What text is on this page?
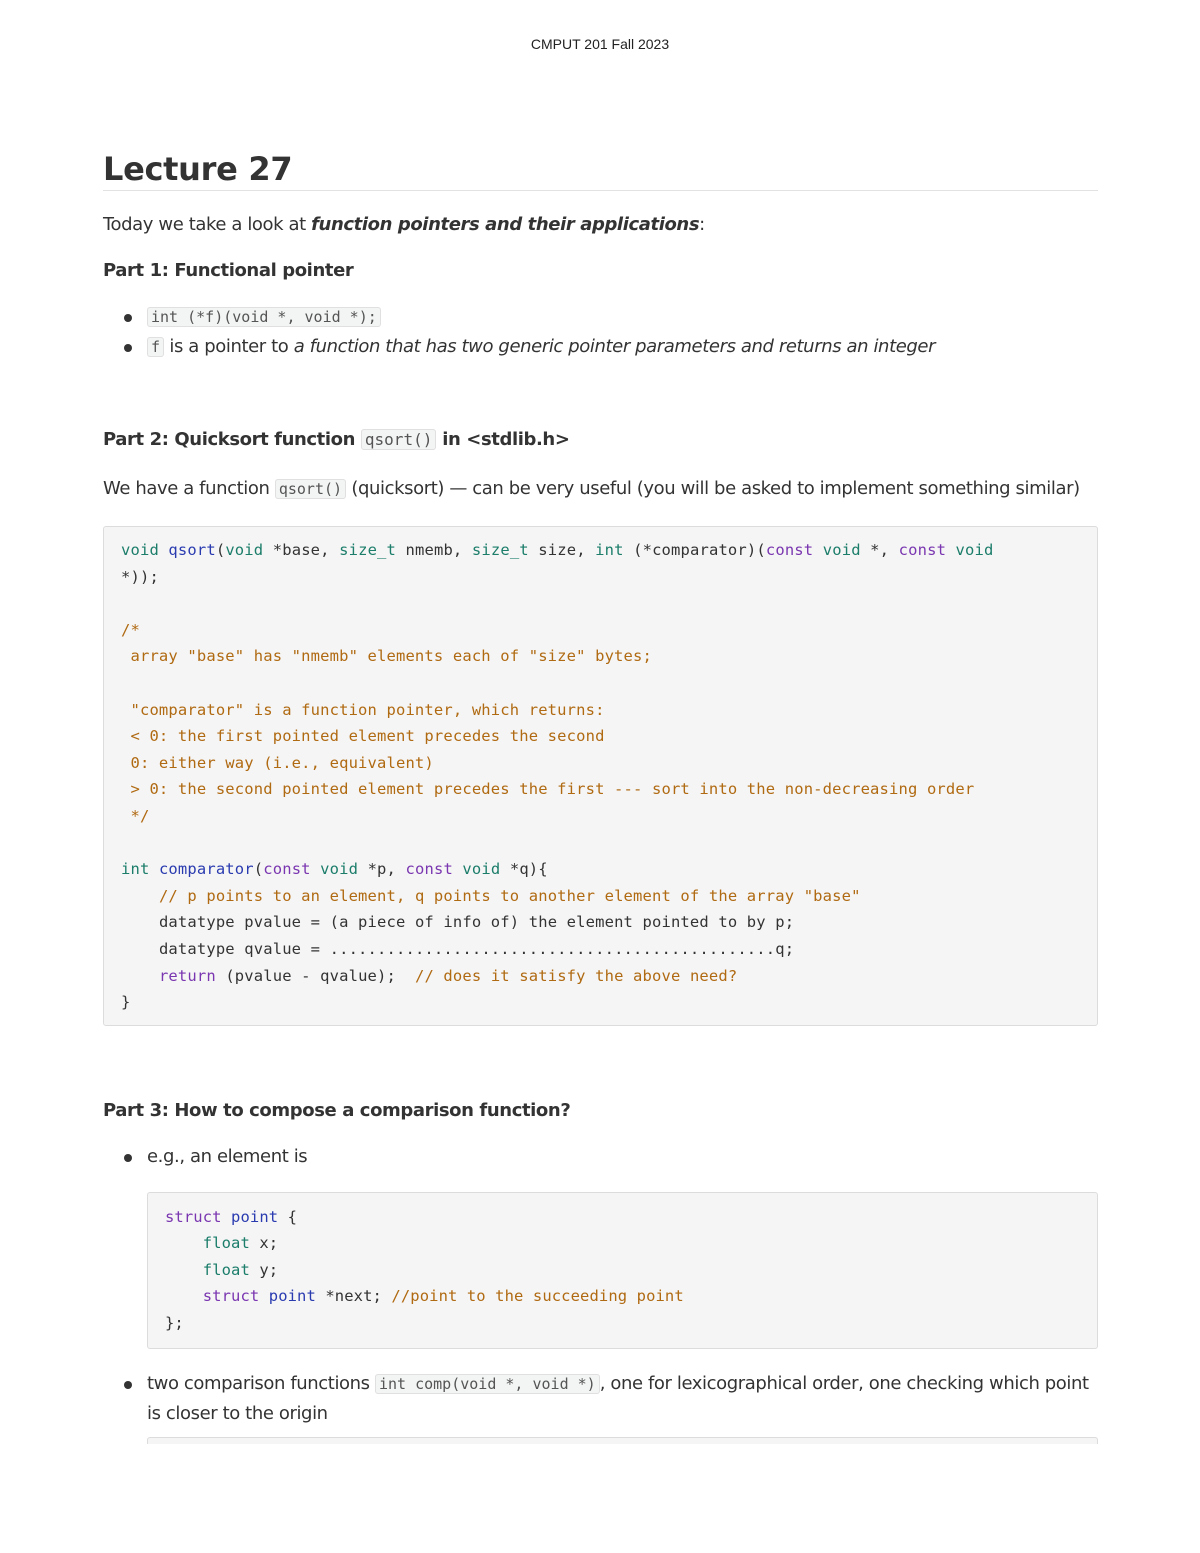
CMPUT 201 Fall 2023
Lecture 27

Today we take a look at function pointers and their applications:

Part 1: Functional pointer

int (*f)(void *, void *);
f is a pointer to a function that has two generic pointer parameters and returns an integer

Part 2: Quicksort function qsort() in <stdlib.h>

We have a function qsort() (quicksort) — can be very useful (you will be asked to implement something similar)

void qsort(void *base, size_t nmemb, size_t size, int (*comparator)(const void *, const void
*));

/*
array "base" has "nmemb" elements each of "size" bytes;

"comparator" is a function pointer, which returns:
< 0: the first pointed element precedes the second
0: either way (i.e., equivalent)
> 0: the second pointed element precedes the first --- sort into the non-decreasing order
*/

int comparator(const void *p, const void *q){
// p points to an element, q points to another element of the array "base"
datatype pvalue = (a piece of info of) the element pointed to by p;
datatype qvalue = ...............................................q;
return (pvalue - qvalue);  // does it satisfy the above need?
}

Part 3: How to compose a comparison function?

e.g., an element is
struct point {
float x;
float y;
struct point *next; //point to the succeeding point
};
two comparison functions int comp(void *, void *) , one for lexicographical order, one checking which point is closer to the origin
